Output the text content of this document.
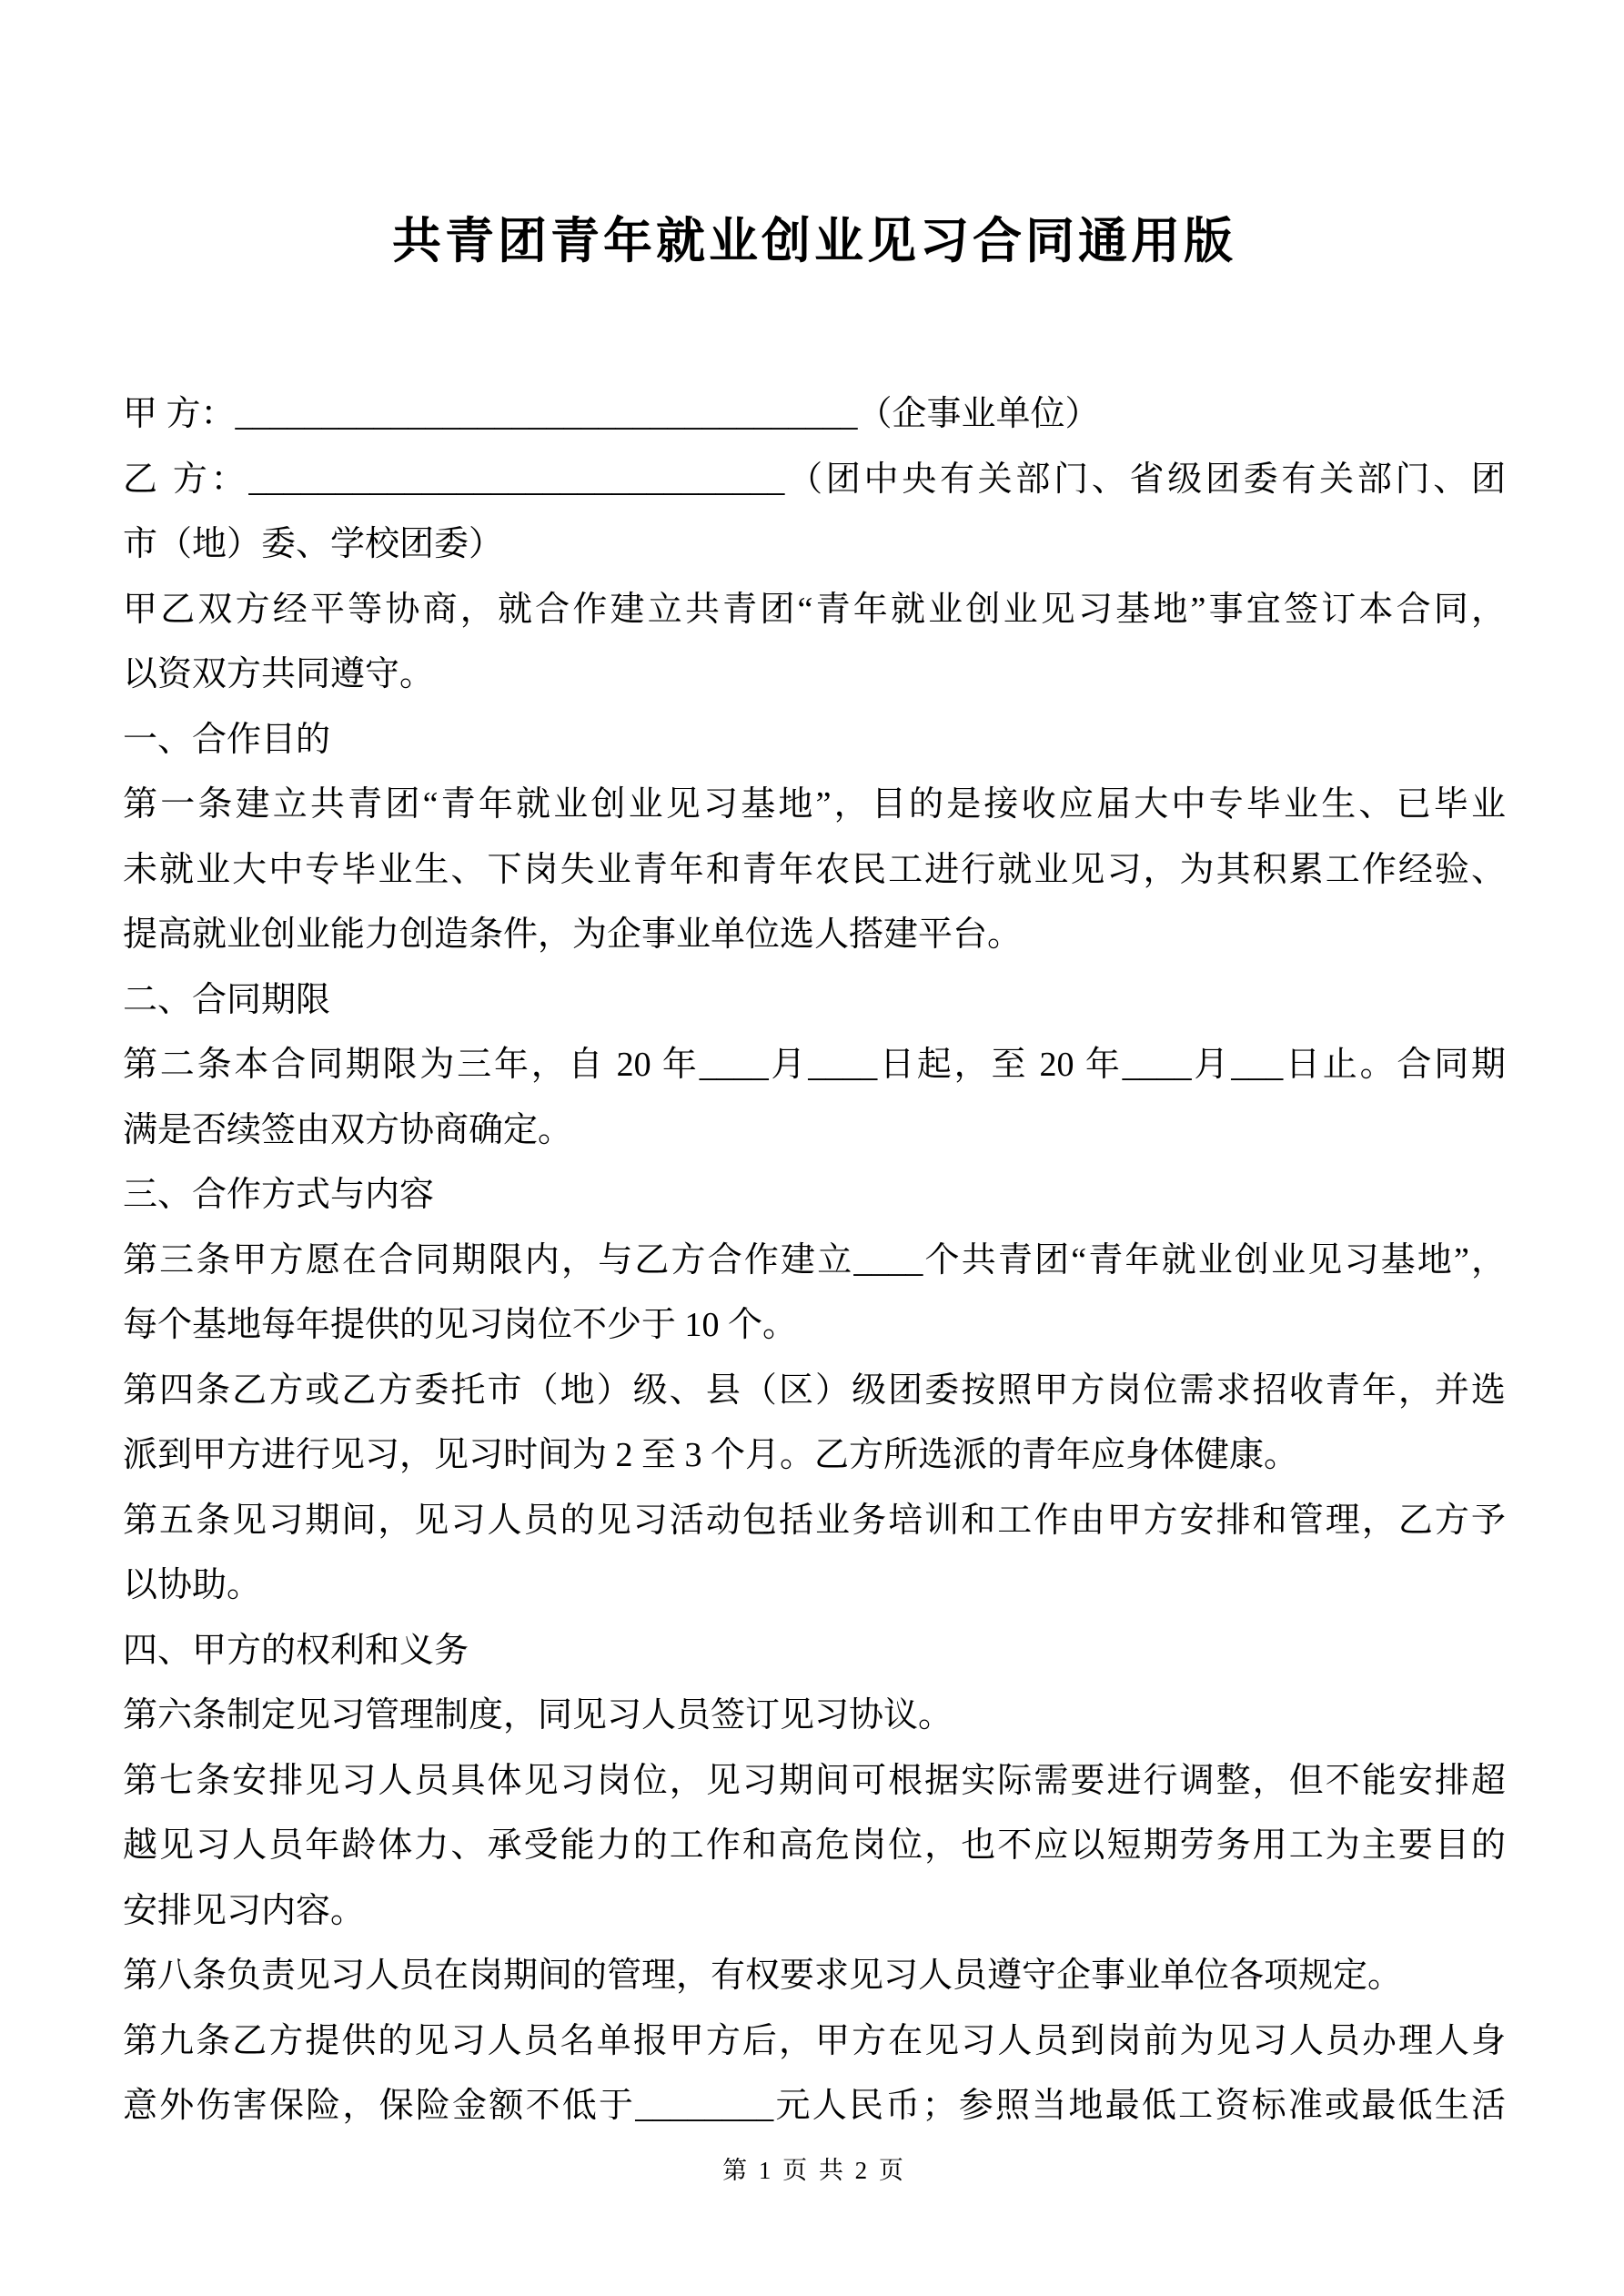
共青团青年就业创业见习合同通用版

甲 方：____________________________________（企事业单位）

乙 方：_______________________________（团中央有关部门、省级团委有关部门、团

市（地）委、学校团委）

甲乙双方经平等协商，就合作建立共青团“青年就业创业见习基地”事宜签订本合同，

以资双方共同遵守。

一、合作目的

第一条建立共青团“青年就业创业见习基地”，目的是接收应届大中专毕业生、已毕业

未就业大中专毕业生、下岗失业青年和青年农民工进行就业见习，为其积累工作经验、

提高就业创业能力创造条件，为企事业单位选人搭建平台。

二、合同期限

第二条本合同期限为三年，自 20 年____月____日起，至 20 年____月___日止。合同期

满是否续签由双方协商确定。

三、合作方式与内容

第三条甲方愿在合同期限内，与乙方合作建立____个共青团“青年就业创业见习基地”，

每个基地每年提供的见习岗位不少于 10 个。

第四条乙方或乙方委托市（地）级、县（区）级团委按照甲方岗位需求招收青年，并选

派到甲方进行见习，见习时间为 2 至 3 个月。乙方所选派的青年应身体健康。

第五条见习期间，见习人员的见习活动包括业务培训和工作由甲方安排和管理，乙方予

以协助。

四、甲方的权利和义务

第六条制定见习管理制度，同见习人员签订见习协议。

第七条安排见习人员具体见习岗位，见习期间可根据实际需要进行调整，但不能安排超

越见习人员年龄体力、承受能力的工作和高危岗位，也不应以短期劳务用工为主要目的

安排见习内容。

第八条负责见习人员在岗期间的管理，有权要求见习人员遵守企事业单位各项规定。

第九条乙方提供的见习人员名单报甲方后，甲方在见习人员到岗前为见习人员办理人身

意外伤害保险，保险金额不低于________元人民币；参照当地最低工资标准或最低生活

第 1 页 共 2 页
